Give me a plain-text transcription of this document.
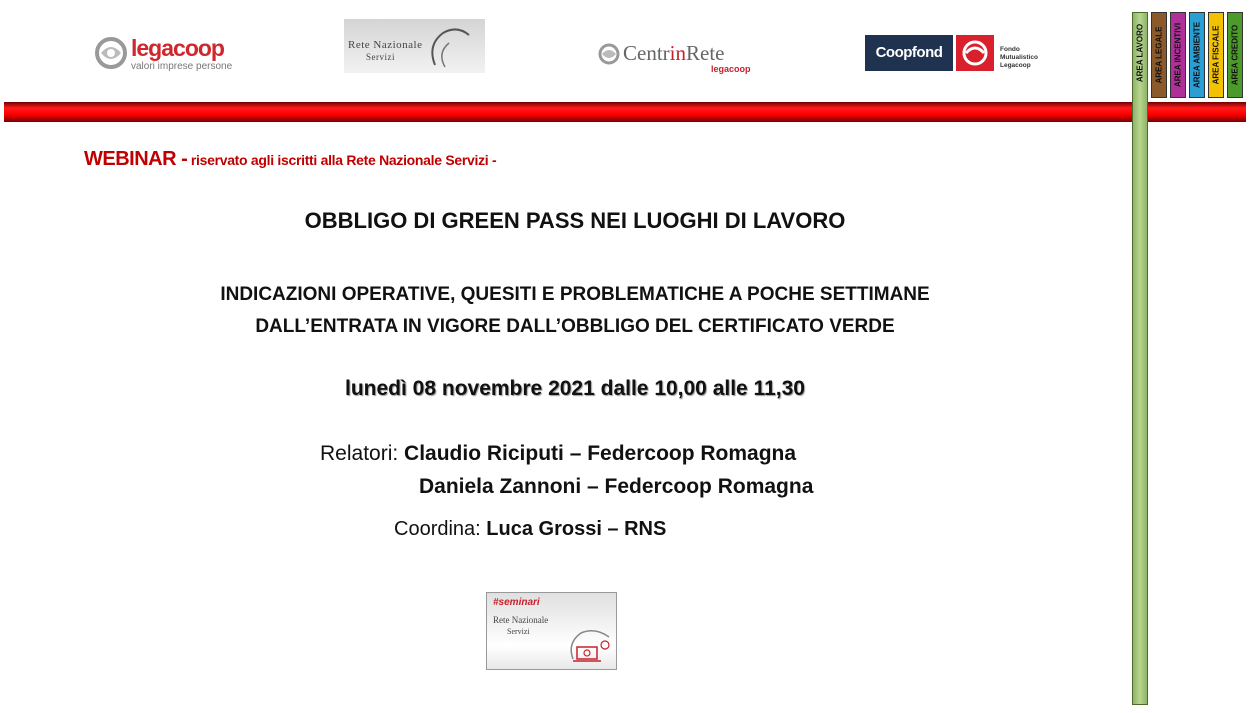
legacoop
valori imprese persone
Rete Nazionale
Servizi	CentrinRete
legacoop
Coopfond	Fondo
Mutualistico
Legacoop	AREA LAVORO AREA LEGALE AREA INCENTIVI AREA AMBIENTE AREA FISCALE AREA CREDITO
WEBINAR - riservato agli iscritti alla Rete Nazionale Servizi -
OBBLIGO DI GREEN PASS NEI LUOGHI DI LAVORO
INDICAZIONI OPERATIVE, QUESITI E PROBLEMATICHE A POCHE SETTIMANE
DALL’ENTRATA IN VIGORE DALL’OBBLIGO DEL CERTIFICATO VERDE
lunedì 08 novembre 2021 dalle 10,00 alle 11,30
Relatori: Claudio Riciputi – Federcoop Romagna
Daniela Zannoni – Federcoop Romagna
Coordina: Luca Grossi – RNS
#seminari
Rete Nazionale
Servizi
